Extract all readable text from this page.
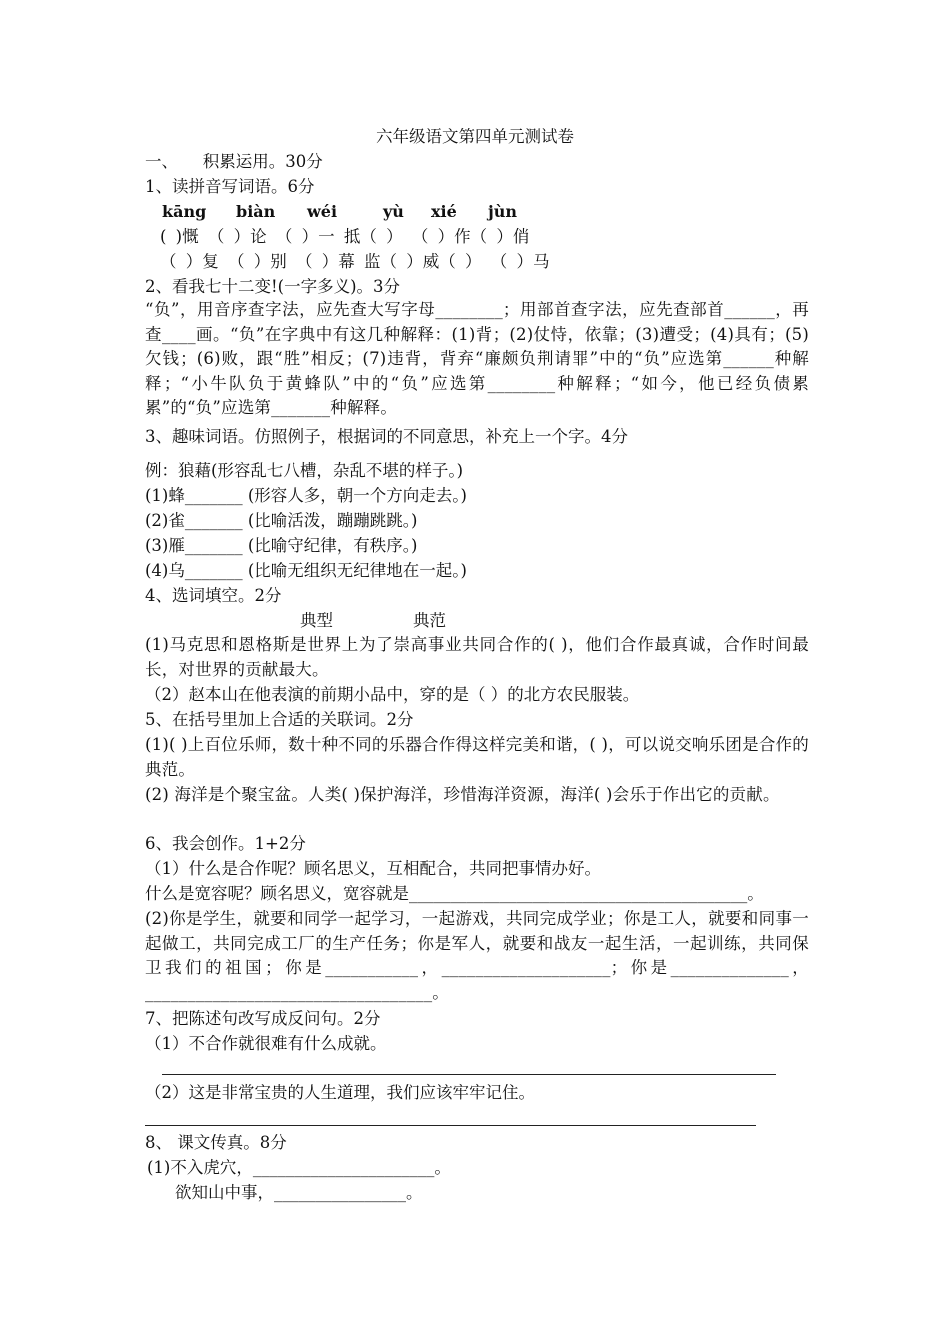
六年级语文第四单元测试卷
一、　　积累运用。30分
1、读拼音写词语。6分
kāng biàn wéi	yù xié jùn
( )慨 （ ）论 （ ）一 抵（ ） （ ）作（ ）俏
（ ）复 （ ）别 （ ）幕 监（ ）威（ ） （ ）马
2、看我七十二变!(一字多义)。3分
“负”，用音序查字法，应先查大写字母________；用部首查字法，应先查部首______，再查____画。“负”在字典中有这几种解释：(1)背；(2)仗恃，依靠；(3)遭受；(4)具有；(5)欠钱；(6)败，跟“胜”相反；(7)违背，背弃“廉颇负荆请罪”中的“负”应选第______种解释；“小牛队负于黄蜂队”中的“负”应选第________种解释；“如今，他已经负债累累”的“负”应选第_______种解释。
3、趣味词语。仿照例子，根据词的不同意思，补充上一个字。4分
例：狼藉(形容乱七八槽，杂乱不堪的样子。)
(1)蜂_______ (形容人多，朝一个方向走去。)
(2)雀_______ (比喻活泼，蹦蹦跳跳。)
(3)雁_______ (比喻守纪律，有秩序。)
(4)乌_______ (比喻无组织无纪律地在一起。)
4、选词填空。2分
典型	典范
(1)马克思和恩格斯是世界上为了崇高事业共同合作的( )，他们合作最真诚，合作时间最长，对世界的贡献最大。
（2）赵本山在他表演的前期小品中，穿的是（ ）的北方农民服装。
5、在括号里加上合适的关联词。2分
(1)( )上百位乐师，数十种不同的乐器合作得这样完美和谐，( )，可以说交响乐团是合作的典范。
(2) 海洋是个聚宝盆。人类( )保护海洋，珍惜海洋资源，海洋( )会乐于作出它的贡献。
6、我会创作。1+2分
（1）什么是合作呢？顾名思义，互相配合，共同把事情办好。
什么是宽容呢？顾名思义，宽容就是_________________________________________。
(2)你是学生，就要和同学一起学习，一起游戏，共同完成学业；你是工人，就要和同事一起做工，共同完成工厂的生产任务；你是军人，就要和战友一起生活，一起训练，共同保卫我们的祖国；你是___________，____________________；你是______________，__________________________________。
7、把陈述句改写成反问句。2分
（1）不合作就很难有什么成就。
（2）这是非常宝贵的人生道理，我们应该牢牢记住。
8、 课文传真。8分
(1)不入虎穴，______________________。
欲知山中事，________________。
